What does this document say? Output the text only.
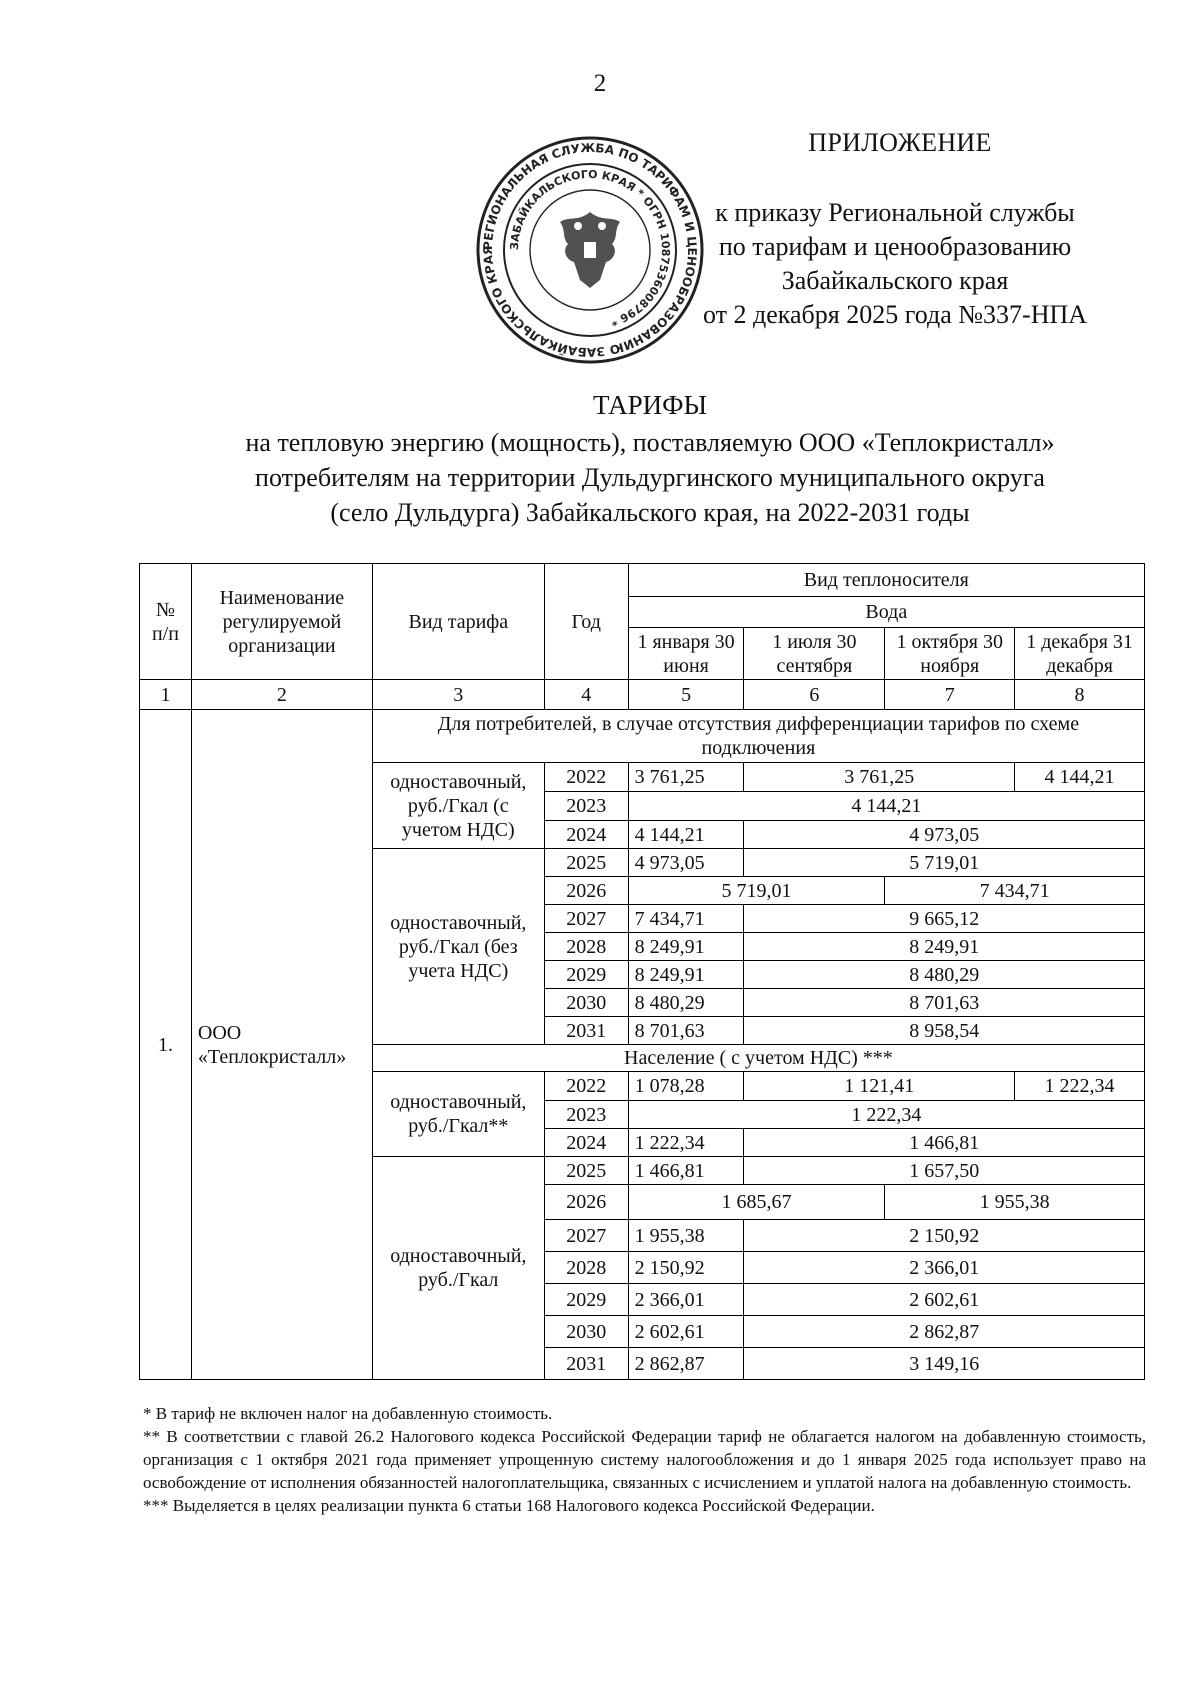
2
ПРИЛОЖЕНИЕ
к приказу Региональной службы
по тарифам и ценообразованию
Забайкальского края
от 2 декабря 2025 года №337-НПА
РЕГИОНАЛЬНАЯ СЛУЖБА ПО ТАРИФАМ И ЦЕНООБРАЗОВАНИЮ ЗАБАЙКАЛЬСКОГО КРАЯ	ЗАБАЙКАЛЬСКОГО КРАЯ * ОГРН 1087536008796 *
ТАРИФЫ
на тепловую энергию (мощность), поставляемую ООО «Теплокристалл»
потребителям на территории Дульдургинского муниципального округа
(село Дульдурга) Забайкальского края, на 2022-2031 годы
№ п/п	Наименование регулируемой организации	Вид тарифа	Год	Вид теплоносителя			
				Вода			
				1 января 30 июня	1 июля 30 сентября	1 октября 30 ноября	1 декабря 31 декабря
1	2	3	4	5	6	7	8
1.	ООО «Теплокристалл»	Для потребителей, в случае отсутствия дифференциации тарифов по схеме подключения					
		одноставочный, руб./Гкал (с учетом НДС)	2022	3 761,25	3 761,25		4 144,21
			2023	4 144,21			
			2024	4 144,21	4 973,05		
		одноставочный, руб./Гкал (без учета НДС)	2025	4 973,05	5 719,01		
			2026	5 719,01		7 434,71	
			2027	7 434,71	9 665,12		
			2028	8 249,91	8 249,91		
			2029	8 249,91	8 480,29		
			2030	8 480,29	8 701,63		
			2031	8 701,63	8 958,54		
		Население ( с учетом НДС) ***					
		одноставочный, руб./Гкал**	2022	1 078,28	1 121,41		1 222,34
			2023	1 222,34			
			2024	1 222,34	1 466,81		
		одноставочный, руб./Гкал	2025	1 466,81	1 657,50		
			2026	1 685,67		1 955,38	
			2027	1 955,38	2 150,92		
			2028	2 150,92	2 366,01		
			2029	2 366,01	2 602,61		
			2030	2 602,61	2 862,87		
			2031	2 862,87	3 149,16		

* В тариф не включен налог на добавленную стоимость.

** В соответствии с главой 26.2 Налогового кодекса Российской Федерации тариф не облагается налогом на добавленную стоимость, организация с 1 октября 2021 года применяет упрощенную систему налогообложения и до 1 января 2025 года использует право на освобождение от исполнения обязанностей налогоплательщика, связанных с исчислением и уплатой налога на добавленную стоимость.

*** Выделяется в целях реализации пункта 6 статьи 168 Налогового кодекса Российской Федерации.
